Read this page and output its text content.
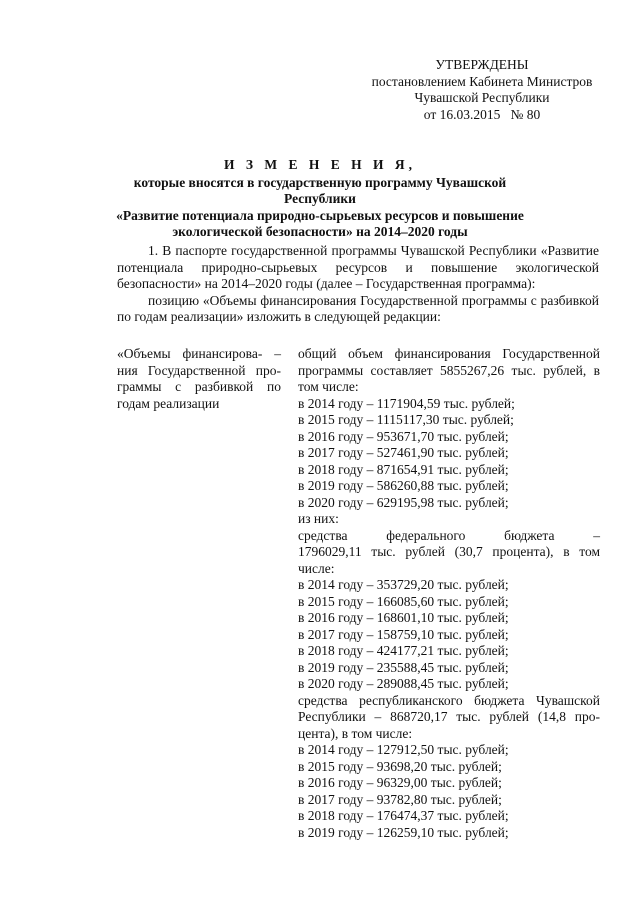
УТВЕРЖДЕНЫ
постановлением Кабинета Министров
Чувашской Республики
от 16.03.2015   № 80
И З М Е Н Е Н И Я,
которые вносятся в государственную программу Чувашской Республики
«Развитие потенциала природно-сырьевых ресурсов и повышение
экологической безопасности» на 2014–2020 годы

1. В паспорте государственной программы Чувашской Республики «Развитие потенциала природно-сырьевых ресурсов и повышение экологической безопасности» на 2014–2020 годы (далее – Государственная программа):

позицию «Объемы финансирования Государственной программы с разбивкой по годам реализации» изложить в следующей редакции:

«Объемы финансирова- –
ния Государственной про-
граммы с разбивкой по
годам реализации
общий объем финансирования Государственной
программы составляет 5855267,26 тыс. рублей, в
том числе:
в 2014 году – 1171904,59 тыс. рублей;
в 2015 году – 1115117,30 тыс. рублей;
в 2016 году – 953671,70 тыс. рублей;
в 2017 году – 527461,90 тыс. рублей;
в 2018 году – 871654,91 тыс. рублей;
в 2019 году – 586260,88 тыс. рублей;
в 2020 году – 629195,98 тыс. рублей;
из них:
средства федерального бюджета –
1796029,11 тыс. рублей (30,7 процента), в том
числе:
в 2014 году – 353729,20 тыс. рублей;
в 2015 году – 166085,60 тыс. рублей;
в 2016 году – 168601,10 тыс. рублей;
в 2017 году – 158759,10 тыс. рублей;
в 2018 году – 424177,21 тыс. рублей;
в 2019 году – 235588,45 тыс. рублей;
в 2020 году – 289088,45 тыс. рублей;
средства республиканского бюджета Чувашской
Республики – 868720,17 тыс. рублей (14,8 про-
цента), в том числе:
в 2014 году – 127912,50 тыс. рублей;
в 2015 году – 93698,20 тыс. рублей;
в 2016 году – 96329,00 тыс. рублей;
в 2017 году – 93782,80 тыс. рублей;
в 2018 году – 176474,37 тыс. рублей;
в 2019 году – 126259,10 тыс. рублей;
